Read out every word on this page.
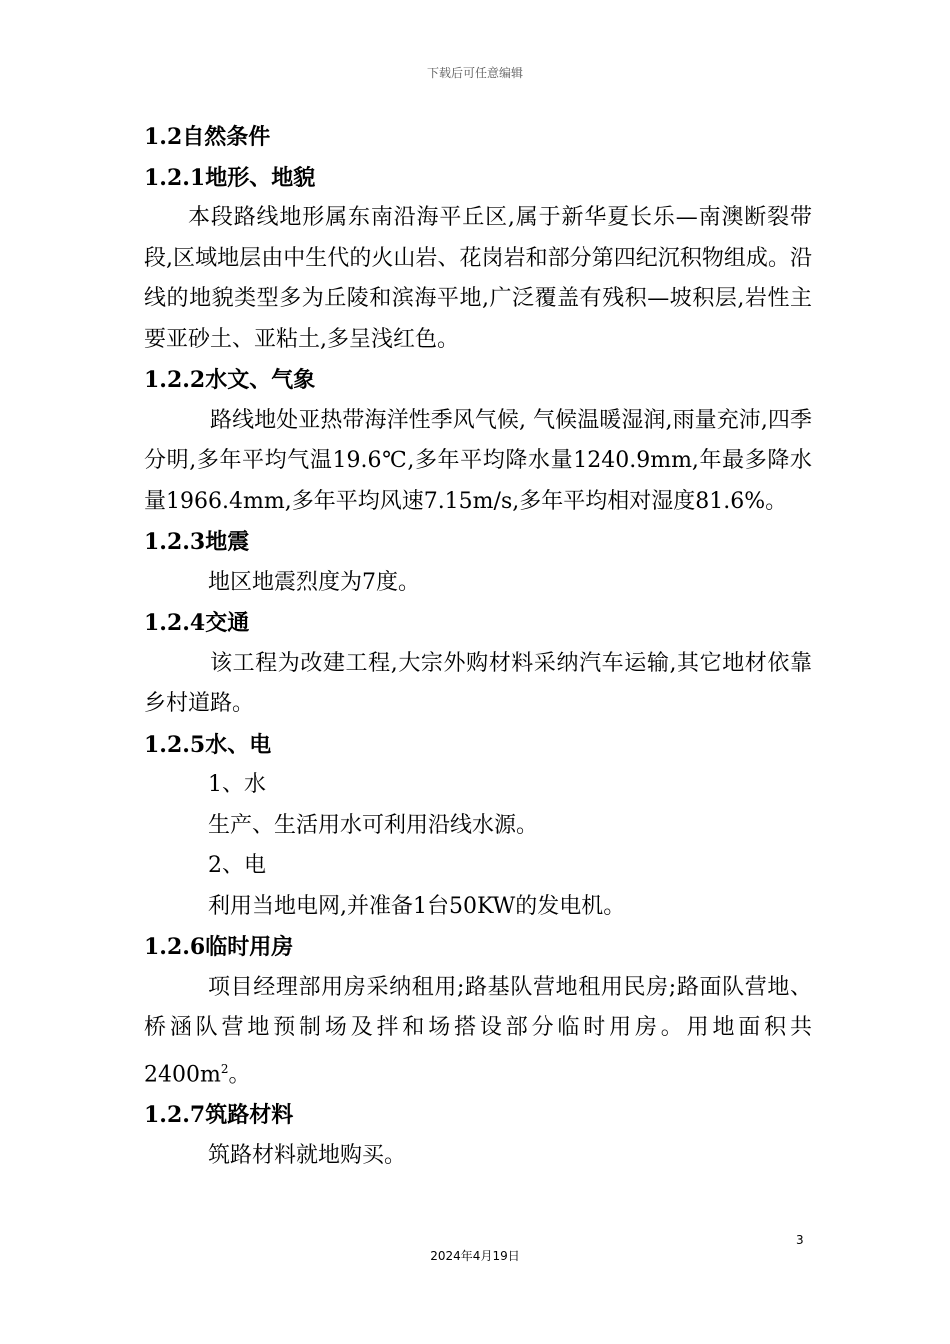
下载后可任意编辑

1.2自然条件

1.2.1地形、地貌

本段路线地形属东南沿海平丘区,属于新华夏长乐—南澳断裂带段,区域地层由中生代的火山岩、花岗岩和部分第四纪沉积物组成。沿线的地貌类型多为丘陵和滨海平地,广泛覆盖有残积—坡积层,岩性主要亚砂土、亚粘土,多呈浅红色。

1.2.2水文、气象

路线地处亚热带海洋性季风气候, 气候温暖湿润,雨量充沛,四季分明,多年平均气温19.6℃,多年平均降水量1240.9mm,年最多降水量1966.4mm,多年平均风速7.15m/s,多年平均相对湿度81.6%。

1.2.3地震

地区地震烈度为7度。

1.2.4交通

该工程为改建工程,大宗外购材料采纳汽车运输,其它地材依靠乡村道路。

1.2.5水、电

1、水

生产、生活用水可利用沿线水源。

2、电

利用当地电网,并准备1台50KW的发电机。

1.2.6临时用房

项目经理部用房采纳租用;路基队营地租用民房;路面队营地、桥涵队营地预制场及拌和场搭设部分临时用房。用地面积共$2400m^2$。

1.2.7筑路材料

筑路材料就地购买。

3
2024年4月19日
